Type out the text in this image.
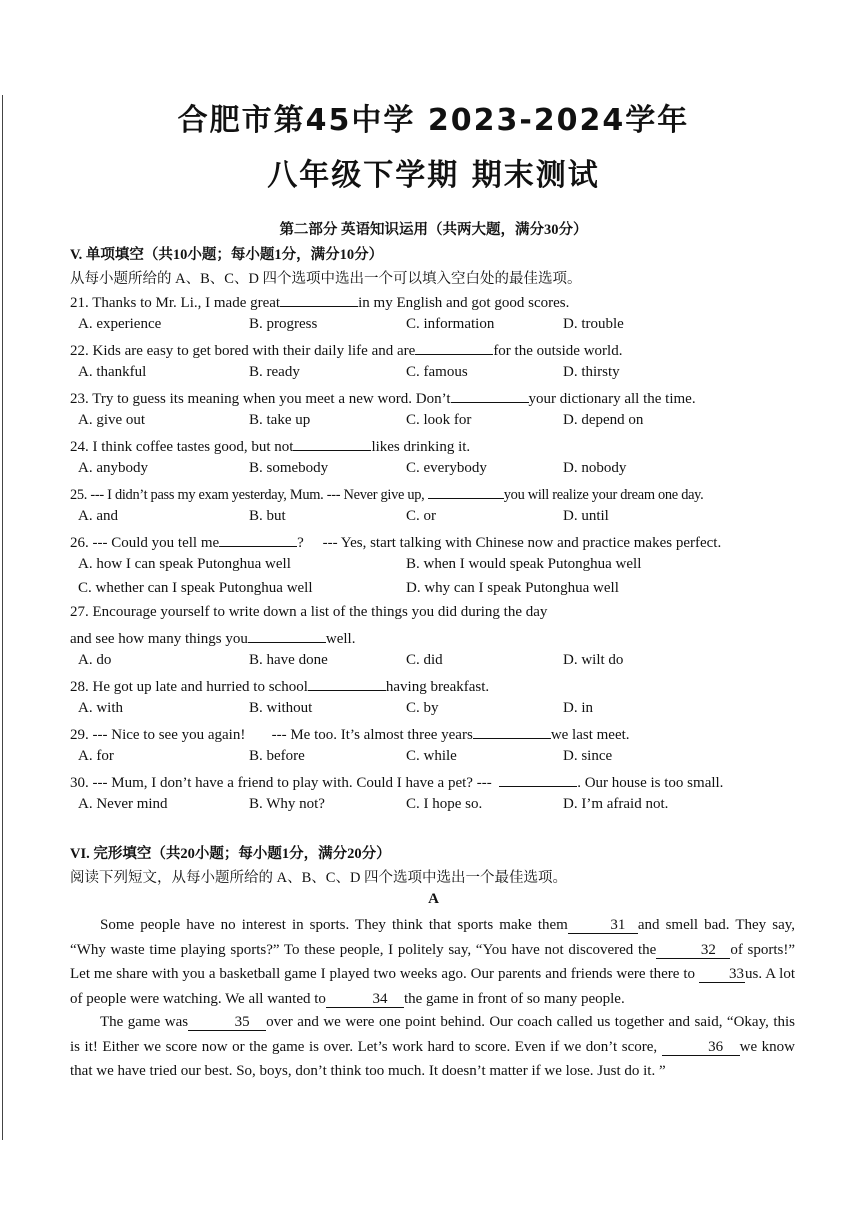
合肥市第45中学 2023-2024学年
八年级下学期 期末测试
第二部分 英语知识运用（共两大题，满分30分）
V. 单项填空（共10小题；每小题1分，满分10分）
从每小题所给的 A、B、C、D 四个选项中选出一个可以填入空白处的最佳选项。
21. Thanks to Mr. Li., I made great	in my English and got good scores.
A. experience	B. progress	C. information	D. trouble
22. Kids are easy to get bored with their daily life and are	for the outside world.
A. thankful	B. ready	C. famous	D. thirsty
23. Try to guess its meaning when you meet a new word. Don’t	your dictionary all the time.
A. give out	B. take up	C. look for	D. depend on
24. I think coffee tastes good, but not	likes drinking it.
A. anybody	B. somebody	C. everybody	D. nobody
25. --- I didn’t pass my exam yesterday, Mum. --- Never give up,	you will realize your dream one day.
A. and	B. but	C. or	D. until
26. --- Could you tell me	? --- Yes, start talking with Chinese now and practice makes perfect.
A. how I can speak Putonghua well	B. when I would speak Putonghua well
C. whether can I speak Putonghua well	D. why can I speak Putonghua well
27. Encourage yourself to write down a list of the things you did during the day
and see how many things you	well.
A. do	B. have done	C. did	D. wilt do
28. He got up late and hurried to school	having breakfast.
A. with	B. without	C. by	D. in
29. --- Nice to see you again! --- Me too. It’s almost three years	we last meet.
A. for	B. before	C. while	D. since
30. --- Mum, I don’t have a friend to play with. Could I have a pet? ---	. Our house is too small.
A. Never mind	B. Why not?	C. I hope so.	D. I’m afraid not.
VI. 完形填空（共20小题；每小题1分，满分20分）
阅读下列短文，从每小题所给的 A、B、C、D 四个选项中选出一个最佳选项。
A
Some people have no interest in sports. They think that sports make them	31 and smell bad. They say, “Why waste time playing sports?” To these people, I politely say, “You have not discovered the	32 of sports!” Let me share with you a basketball game I played two weeks ago. Our parents and friends were there to 33us. A lot of people were watching. We all wanted to	34 the game in front of so many people.
The game was	35 over and we were one point behind. Our coach called us together and said, “Okay, this is it! Either we score now or the game is over. Let’s work hard to score. Even if we don’t score,	36 we know that we have tried our best. So, boys, don’t think too much. It doesn’t matter if we lose. Just do it. ”
